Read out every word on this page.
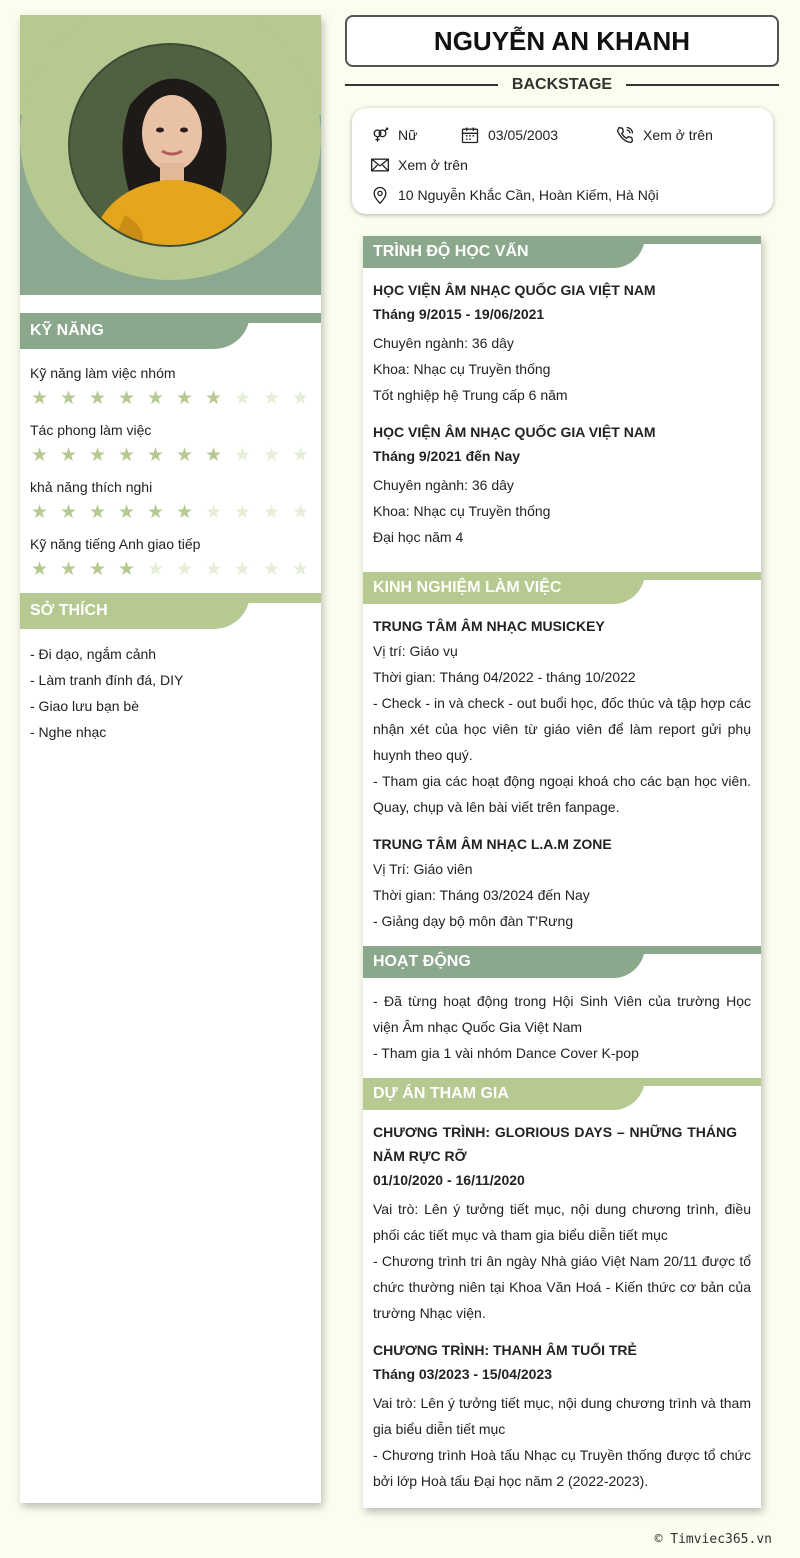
KỸ NĂNG
Kỹ năng làm việc nhóm
★ ★ ★ ★ ★ ★ ★ ★ ★ ★
Tác phong làm việc
★ ★ ★ ★ ★ ★ ★ ★ ★ ★
khả năng thích nghi
★ ★ ★ ★ ★ ★ ★ ★ ★ ★
Kỹ năng tiếng Anh giao tiếp
★ ★ ★ ★ ★ ★ ★ ★ ★ ★
SỞ THÍCH
- Đi dạo, ngắm cảnh
- Làm tranh đính đá, DIY
- Giao lưu bạn bè
- Nghe nhạc
NGUYỄN AN KHANH
BACKSTAGE
Nữ	03/05/2003	Xem ở trên
Xem ở trên
10 Nguyễn Khắc Cần, Hoàn Kiếm, Hà Nội
TRÌNH ĐỘ HỌC VẤN
HỌC VIỆN ÂM NHẠC QUỐC GIA VIỆT NAM
Tháng 9/2015 - 19/06/2021
Chuyên ngành: 36 dây
Khoa: Nhạc cụ Truyền thống
Tốt nghiệp hệ Trung cấp 6 năm
HỌC VIỆN ÂM NHẠC QUỐC GIA VIỆT NAM
Tháng 9/2021 đến Nay
Chuyên ngành: 36 dây
Khoa: Nhạc cụ Truyền thống
Đại học năm 4
KINH NGHIỆM LÀM VIỆC
TRUNG TÂM ÂM NHẠC MUSICKEY
Vị trí: Giáo vụ
Thời gian: Tháng 04/2022 - tháng 10/2022
- Check - in và check - out buổi học, đốc thúc và tập hợp các nhận xét của học viên từ giáo viên để làm report gửi phụ huynh theo quý.
- Tham gia các hoạt động ngoại khoá cho các bạn học viên. Quay, chụp và lên bài viết trên fanpage.
TRUNG TÂM ÂM NHẠC L.A.M ZONE
Vị Trí: Giáo viên
Thời gian: Tháng 03/2024 đến Nay
- Giảng dạy bộ môn đàn T'Rưng
HOẠT ĐỘNG
- Đã từng hoạt động trong Hội Sinh Viên của trường Học viện Âm nhạc Quốc Gia Việt Nam
- Tham gia 1 vài nhóm Dance Cover K-pop
DỰ ÁN THAM GIA
CHƯƠNG TRÌNH: GLORIOUS DAYS – NHỮNG THÁNG NĂM RỰC RỠ
01/10/2020 - 16/11/2020
Vai trò: Lên ý tưởng tiết mục, nội dung chương trình, điều phối các tiết mục và tham gia biểu diễn tiết mục
- Chương trình tri ân ngày Nhà giáo Việt Nam 20/11 được tổ chức thường niên tại Khoa Văn Hoá - Kiến thức cơ bản của trường Nhạc viện.
CHƯƠNG TRÌNH: THANH ÂM TUỔI TRẺ
Tháng 03/2023 - 15/04/2023
Vai trò: Lên ý tưởng tiết mục, nội dung chương trình và tham gia biểu diễn tiết mục
- Chương trình Hoà tấu Nhạc cụ Truyền thống được tổ chức bởi lớp Hoà tấu Đại học năm 2 (2022-2023).
© Timviec365.vn
